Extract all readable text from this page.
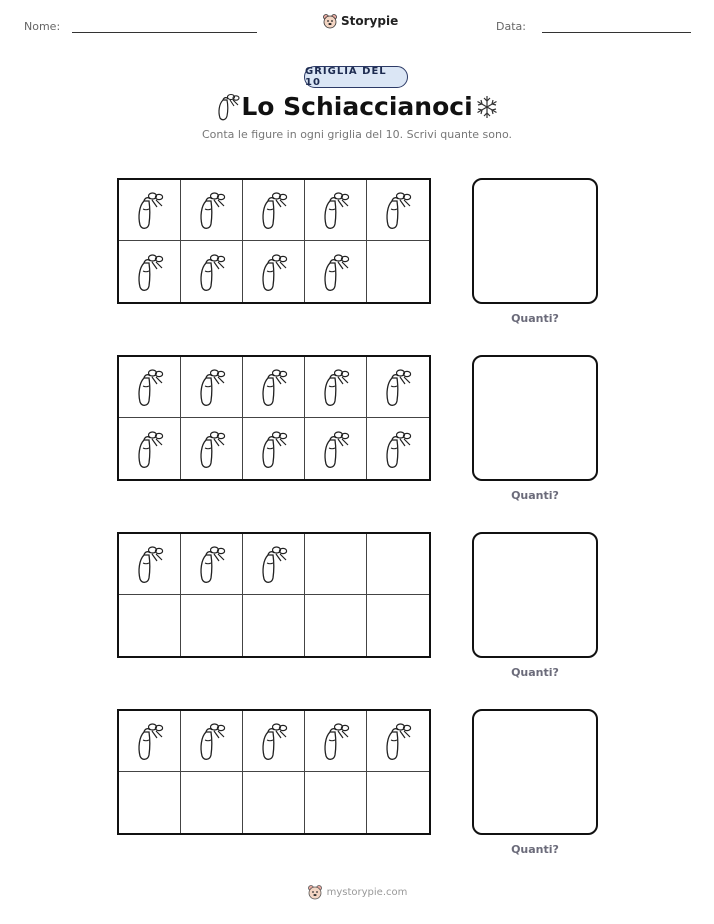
Nome:	Storypie	Data:
GRIGLIA DEL 10
Lo Schiaccianoci
Conta le figure in ogni griglia del 10. Scrivi quante sono.
Quanti?
Quanti?
Quanti?
Quanti?
mystorypie.com
